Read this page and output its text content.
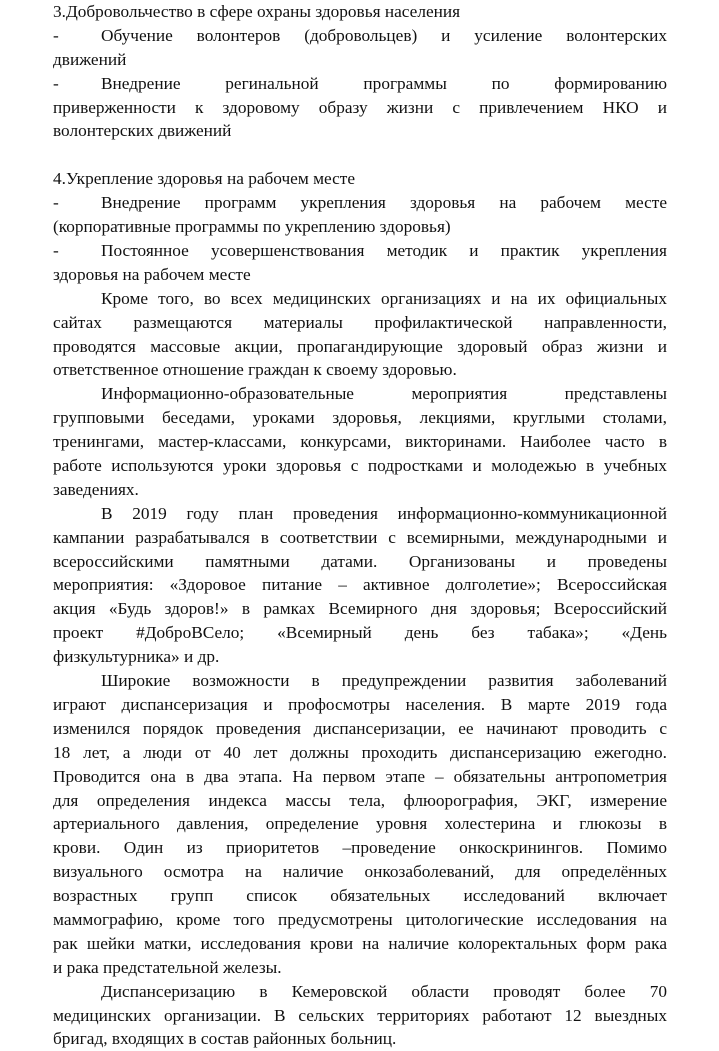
3.Добровольчество в сфере охраны здоровья населения
- Обучение волонтеров (добровольцев) и усиление волонтерских
движений
- Внедрение регинальной программы по формированию
приверженности к здоровому образу жизни с привлечением НКО и
волонтерских движений
4.Укрепление здоровья на рабочем месте
- Внедрение программ укрепления здоровья на рабочем месте
(корпоративные программы по укреплению здоровья)
- Постоянное усовершенствования методик и практик укрепления
здоровья на рабочем месте
Кроме того, во всех медицинских организациях и на их официальных
сайтах размещаются материалы профилактической направленности,
проводятся массовые акции, пропагандирующие здоровый образ жизни и
ответственное отношение граждан к своему здоровью.
Информационно-образовательные мероприятия представлены
групповыми беседами, уроками здоровья, лекциями, круглыми столами,
тренингами, мастер-классами, конкурсами, викторинами. Наиболее часто в
работе используются уроки здоровья с подростками и молодежью в учебных
заведениях.
В 2019 году план проведения информационно-коммуникационной
кампании разрабатывался в соответствии с всемирными, международными и
всероссийскими памятными датами. Организованы и проведены
мероприятия: «Здоровое питание – активное долголетие»; Всероссийская
акция «Будь здоров!» в рамках Всемирного дня здоровья; Всероссийский
проект #ДоброВСело; «Всемирный день без табака»; «День
физкультурника» и др.
Широкие возможности в предупреждении развития заболеваний
играют диспансеризация и профосмотры населения. В марте 2019 года
изменился порядок проведения диспансеризации, ее начинают проводить с
18 лет, а люди от 40 лет должны проходить диспансеризацию ежегодно.
Проводится она в два этапа. На первом этапе – обязательны антропометрия
для определения индекса массы тела, флюорография, ЭКГ, измерение
артериального давления, определение уровня холестерина и глюкозы в
крови. Один из приоритетов –проведение онкоскринингов. Помимо
визуального осмотра на наличие онкозаболеваний, для определённых
возрастных групп список обязательных исследований включает
маммографию, кроме того предусмотрены цитологические исследования на
рак шейки матки, исследования крови на наличие колоректальных форм рака
и рака предстательной железы.
Диспансеризацию в Кемеровской области проводят более 70
медицинских организации. В сельских территориях работают 12 выездных
бригад, входящих в состав районных больниц.
